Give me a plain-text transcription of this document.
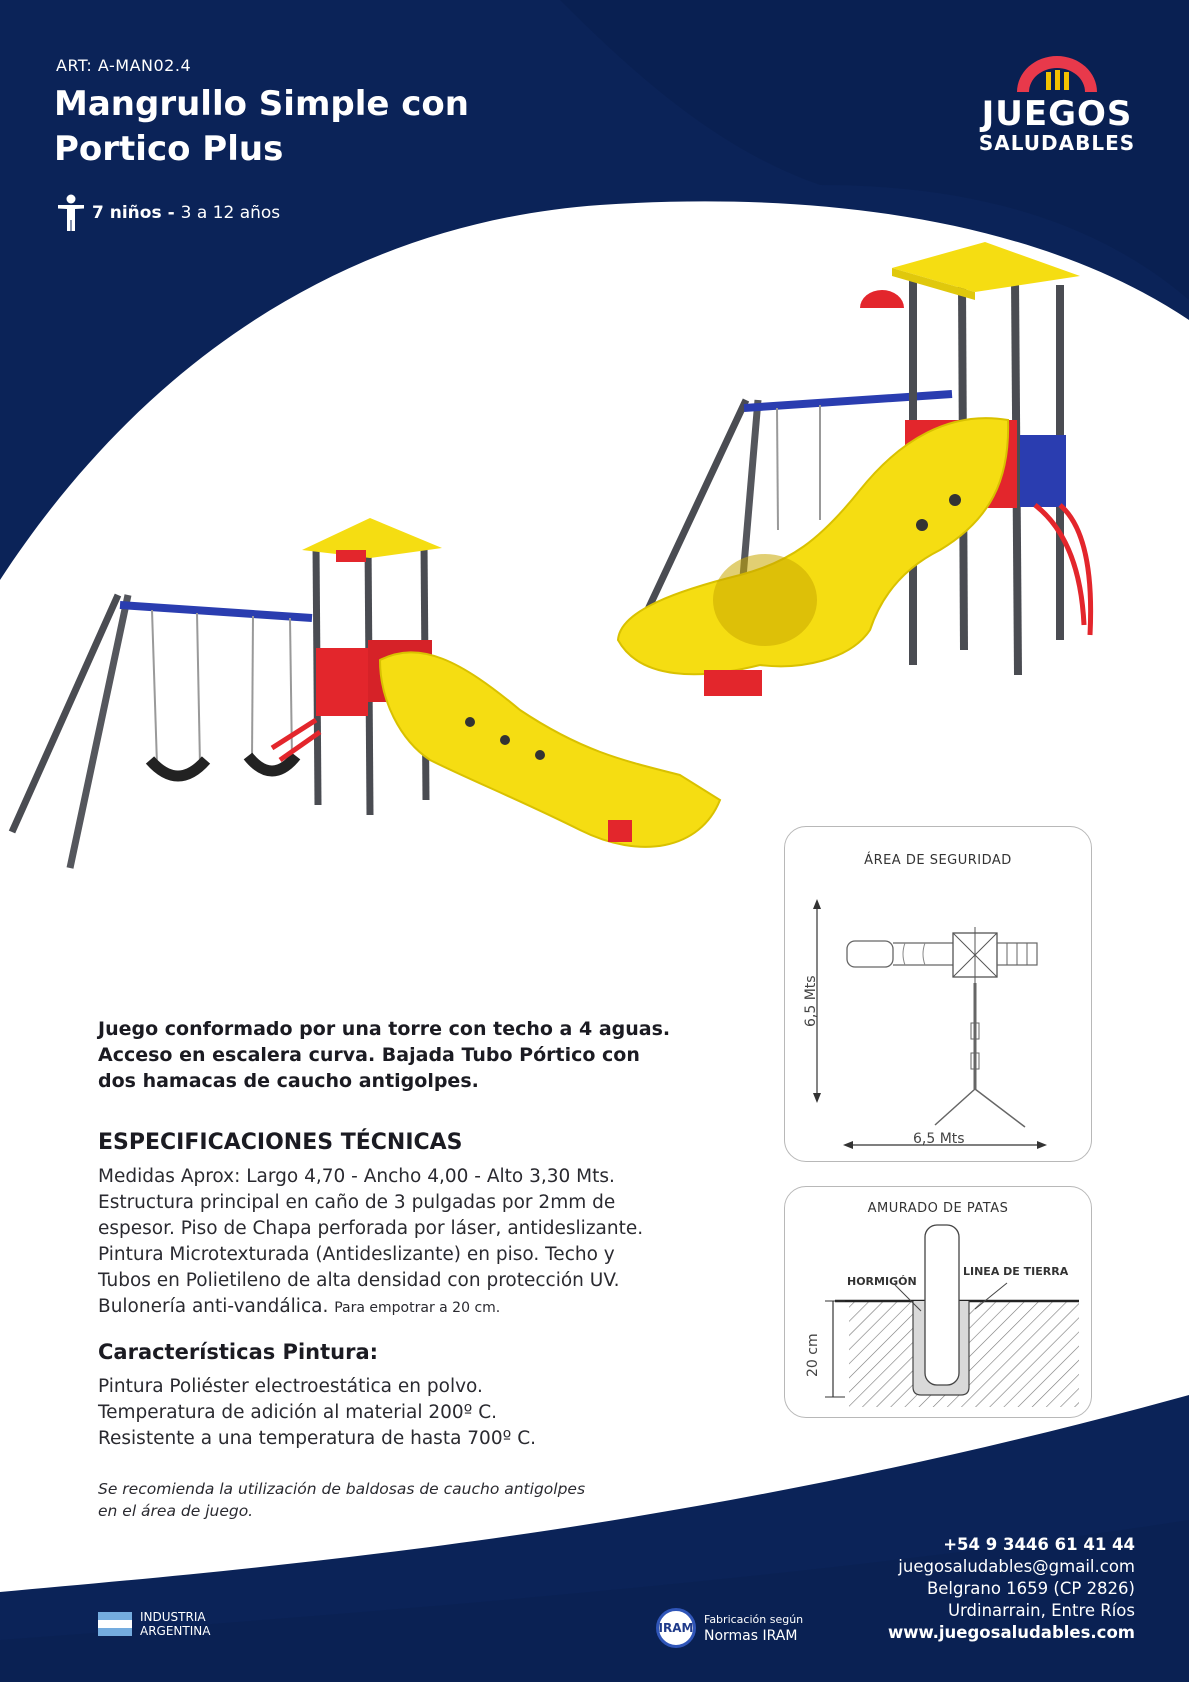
ART: A-MAN02.4
Mangrullo Simple con Portico Plus
7 niños - 3 a 12 años
JUEGOS
SALUDABLES

Juego conformado por una torre con techo a 4 aguas. Acceso en escalera curva. Bajada Tubo Pórtico con dos hamacas de caucho antigolpes.

ESPECIFICACIONES TÉCNICAS

Medidas Aprox: Largo 4,70 - Ancho 4,00 - Alto 3,30 Mts. Estructura principal en caño de 3 pulgadas por 2mm de espesor. Piso de Chapa perforada por láser, antideslizante. Pintura Microtexturada (Antideslizante) en piso. Techo y Tubos en Polietileno de alta densidad con protección UV. Bulonería anti-vandálica. Para empotrar a 20 cm.

Características Pintura:
Pintura Poliéster electroestática en polvo.
Temperatura de adición al material 200º C.
Resistente a una temperatura de hasta 700º C.

Se recomienda la utilización de baldosas de caucho antigolpes en el área de juego.

ÁREA DE SEGURIDAD
6,5 Mts
6,5 Mts
AMURADO DE PATAS
HORMIGÓN
LINEA DE TIERRA
20 cm
+54 9 3446 61 41 44
juegosaludables@gmail.com
Belgrano 1659 (CP 2826)
Urdinarrain, Entre Ríos
www.juegosaludables.com
INDUSTRIA
ARGENTINA	IRAM
Fabricación según
Normas IRAM
